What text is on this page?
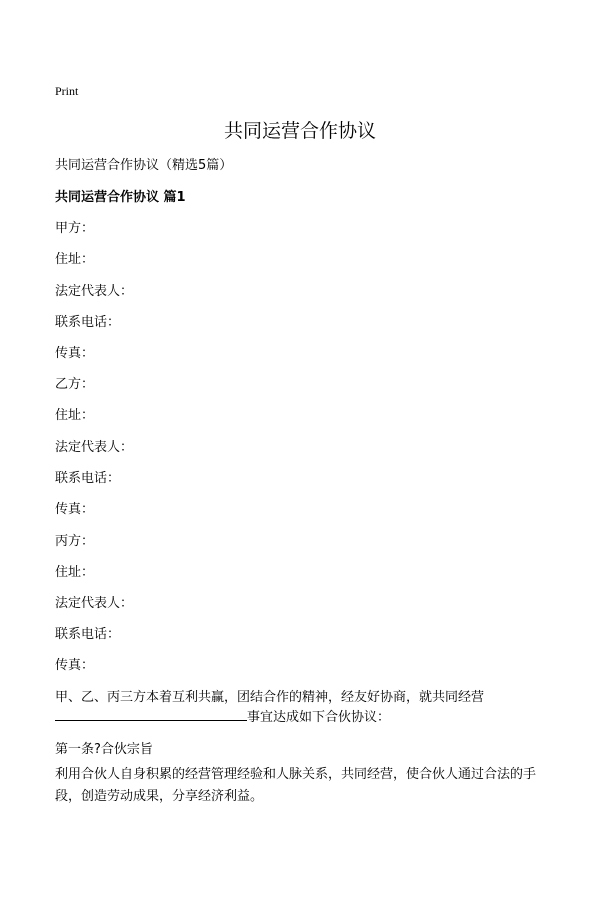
Print
共同运营合作协议
共同运营合作协议（精选5篇）
共同运营合作协议 篇1
甲方：
住址：
法定代表人：
联系电话：
传真：
乙方：
住址：
法定代表人：
联系电话：
传真：
丙方：
住址：
法定代表人：
联系电话：
传真：
甲、乙、丙三方本着互利共赢，团结合作的精神，经友好协商，就共同经营
事宜达成如下合伙协议：
第一条?合伙宗旨
利用合伙人自身积累的经营管理经验和人脉关系，共同经营，使合伙人通过合法的手段，创造劳动成果，分享经济利益。
